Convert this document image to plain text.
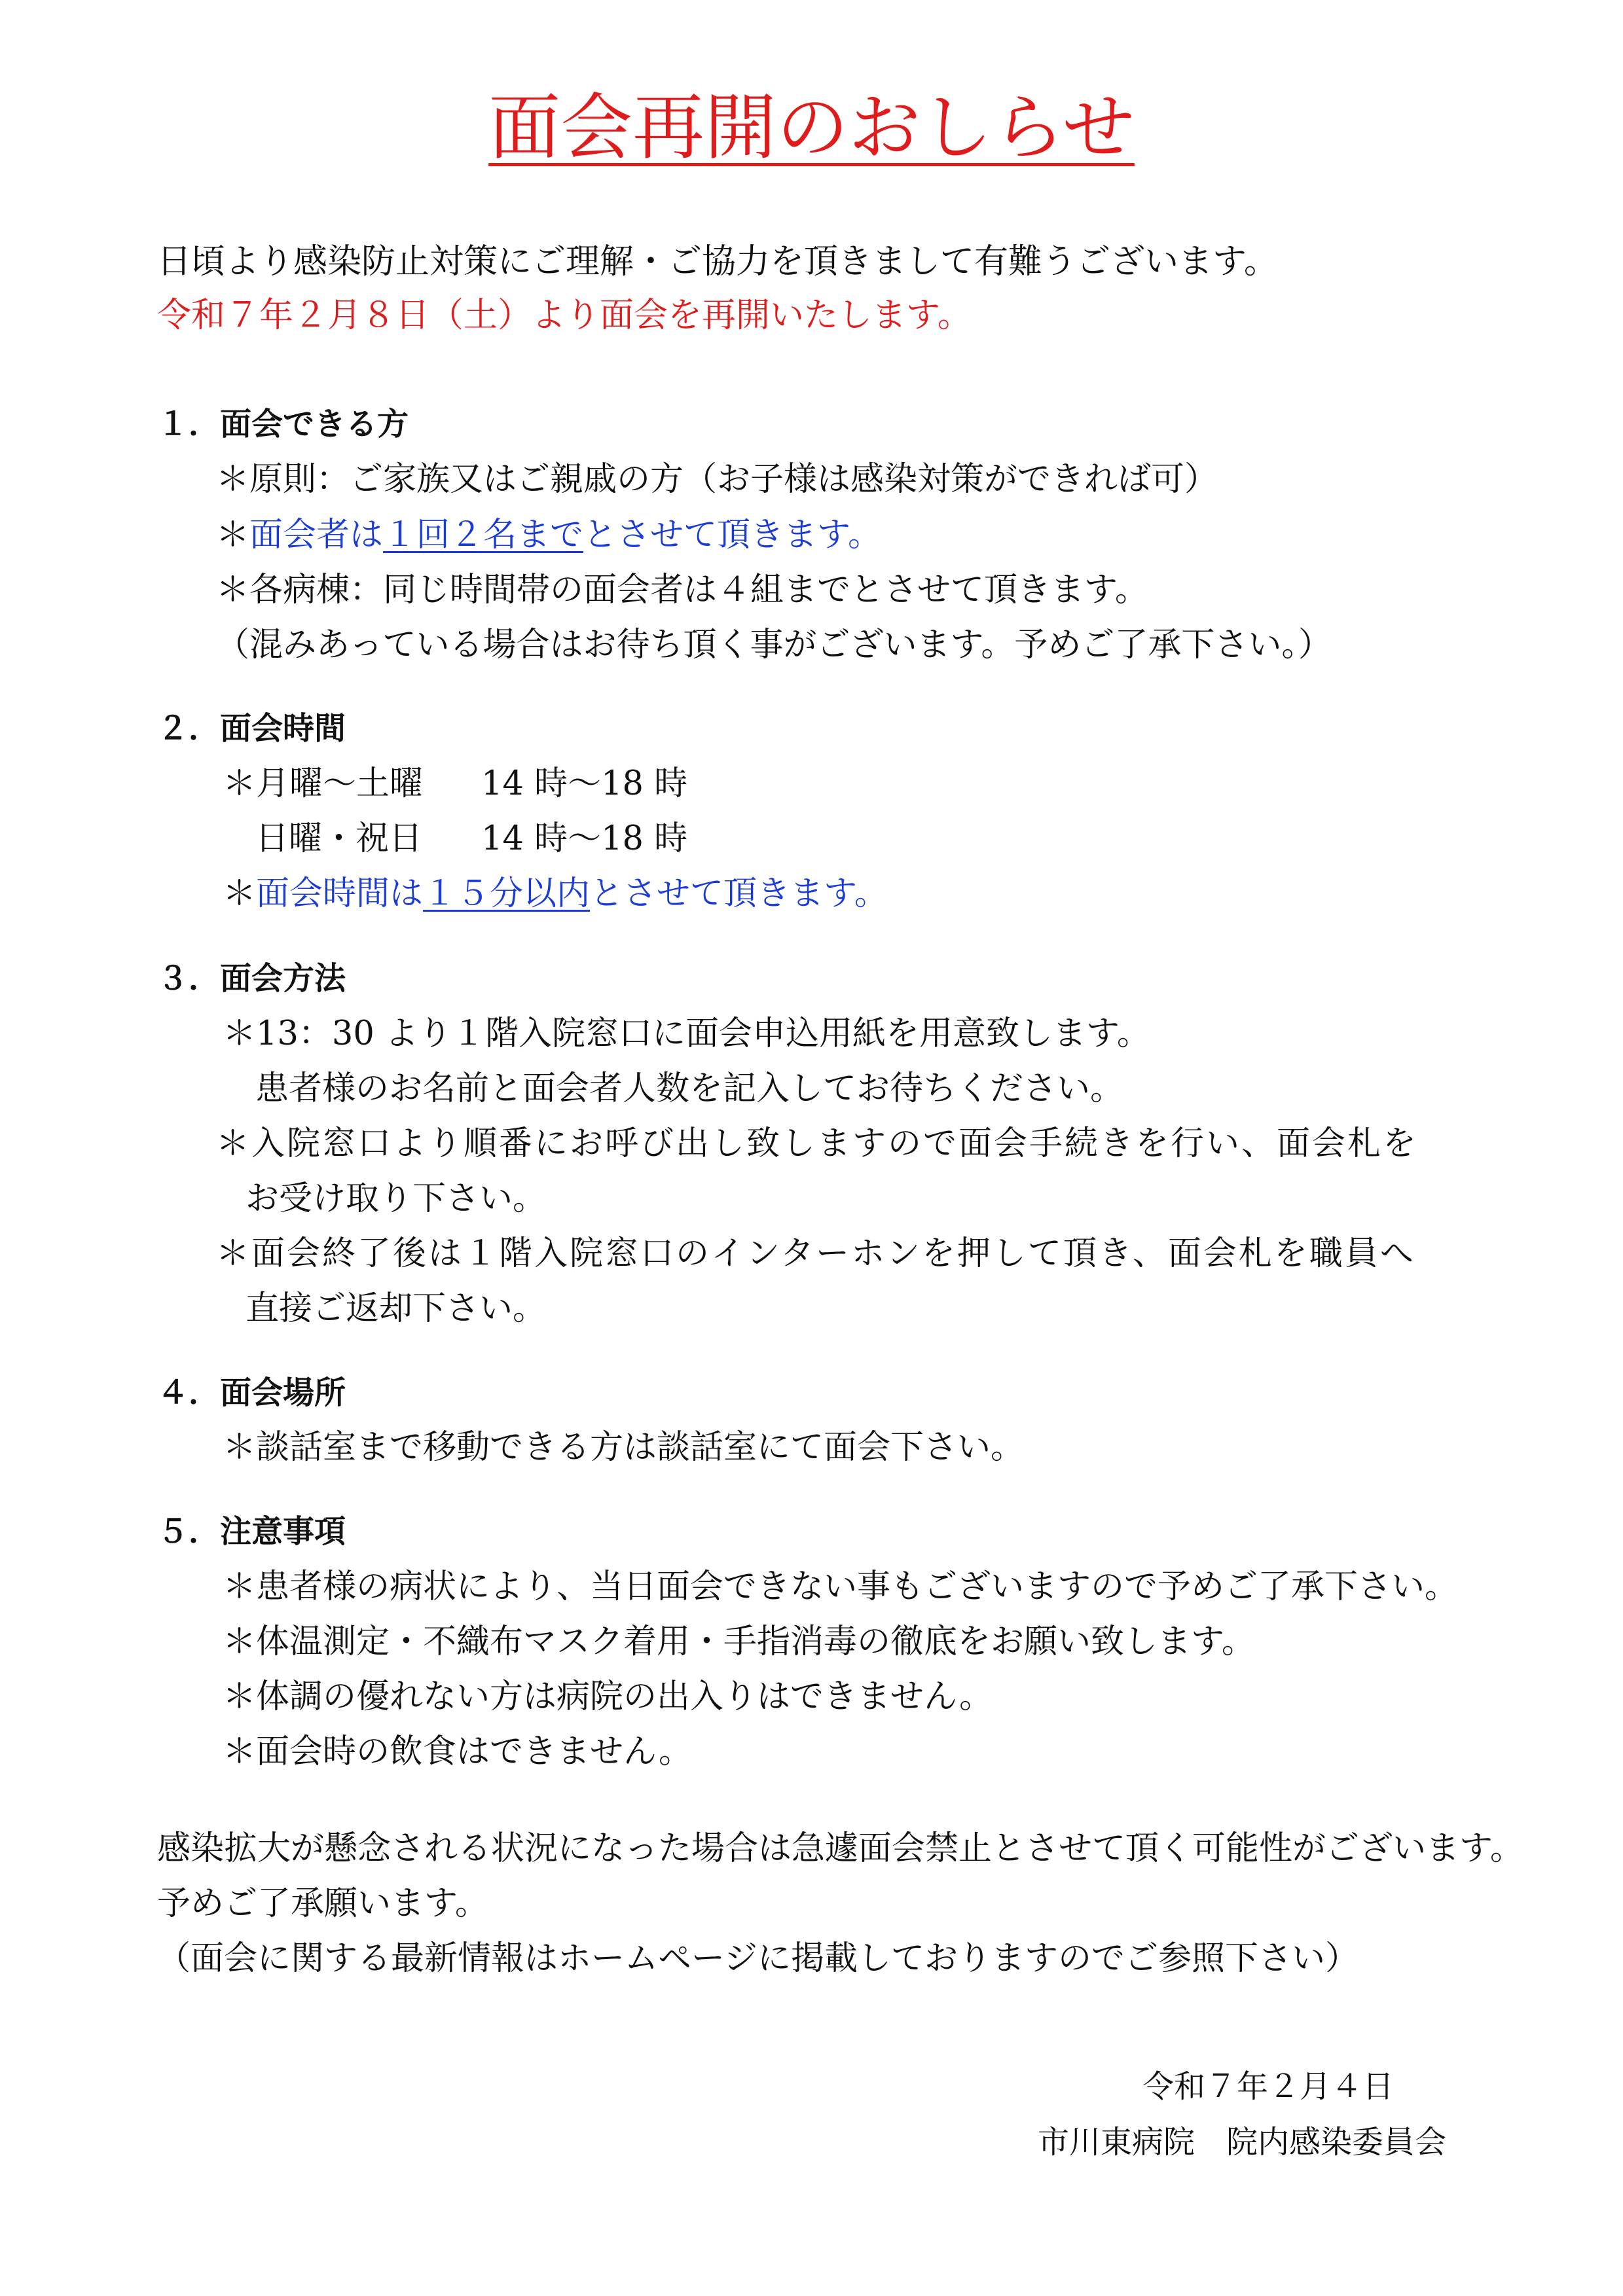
面会再開のおしらせ

日頃より感染防止対策にご理解・ご協力を頂きまして有難うございます。

令和７年２月８日（土）より面会を再開いたします。

１．面会できる方

＊原則：ご家族又はご親戚の方（お子様は感染対策ができれば可）

＊面会者は１回２名までとさせて頂きます。

＊各病棟：同じ時間帯の面会者は４組までとさせて頂きます。

（混みあっている場合はお待ち頂く事がございます。予めご了承下さい。）

２．面会時間

＊月曜～土曜 14 時～18 時

日曜・祝日 14 時～18 時

＊面会時間は１５分以内とさせて頂きます。

３．面会方法

＊13：30 より１階入院窓口に面会申込用紙を用意致します。

患者様のお名前と面会者人数を記入してお待ちください。

＊入院窓口より順番にお呼び出し致しますので面会手続きを行い、面会札を

お受け取り下さい。

＊面会終了後は１階入院窓口のインターホンを押して頂き、面会札を職員へ

直接ご返却下さい。

４．面会場所

＊談話室まで移動できる方は談話室にて面会下さい。

５．注意事項

＊患者様の病状により、当日面会できない事もございますので予めご了承下さい。

＊体温測定・不織布マスク着用・手指消毒の徹底をお願い致します。

＊体調の優れない方は病院の出入りはできません。

＊面会時の飲食はできません。

感染拡大が懸念される状況になった場合は急遽面会禁止とさせて頂く可能性がございます。

予めご了承願います。

（面会に関する最新情報はホームページに掲載しておりますのでご参照下さい）

令和７年２月４日

市川東病院　院内感染委員会
